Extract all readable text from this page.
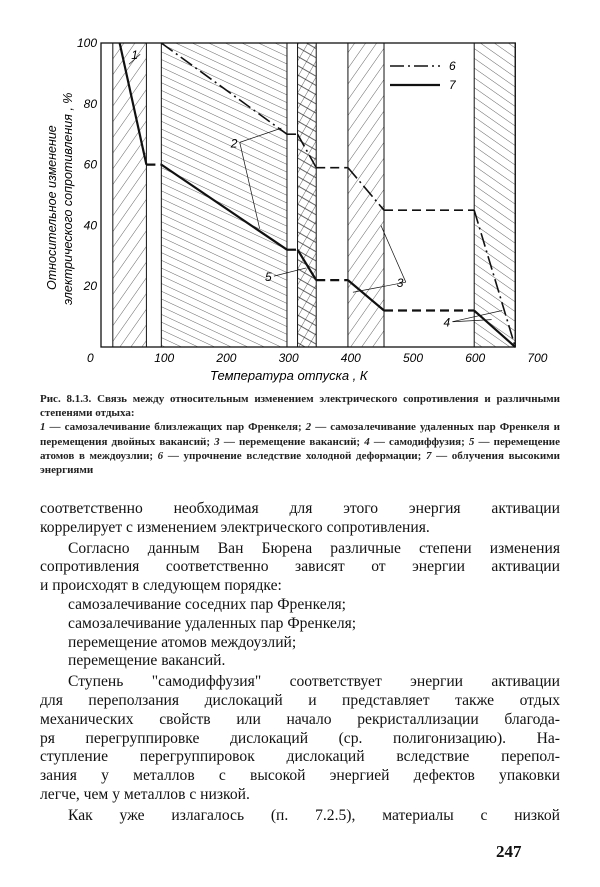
0	100	200	300	400	500	600	700
20
40
60
80
100
1
2
3
4
5
6
7
Температура отпуска , К
Относительное изменение электрического сопротивления , %

Рис. 8.1.3. Связь между относительным изменением электрического сопротивления и различными степенями отдыха:

1 — самозалечивание близлежащих пар Френкеля; 2 — самозалечивание удаленных пар Френкеля и перемещения двойных вакансий; 3 — перемещение вакансий; 4 — самодиффузия; 5 — перемещение атомов в междоузлии; 6 — упрочнение вследствие холодной деформации; 7 — облучения высокими энергиями

соответственно необходимая для этого энергия активации
коррелирует с изменением электрического сопротивления.
Согласно данным Ван Бюрена различные степени изменения
сопротивления соответственно зависят от энергии активации
и происходят в следующем порядке:
самозалечивание соседних пар Френкеля;
самозалечивание удаленных пар Френкеля;
перемещение атомов междоузлий;
перемещение вакансий.
Ступень "самодиффузия" соответствует энергии активации
для переползания дислокаций и представляет также отдых
механических свойств или начало рекристаллизации благода-
ря перегруппировке дислокаций (ср. полигонизацию). На-
ступление перегруппировок дислокаций вследствие перепол-
зания у металлов с высокой энергией дефектов упаковки
легче, чем у металлов с низкой.
Как уже излагалось (п. 7.2.5), материалы с низкой
247
